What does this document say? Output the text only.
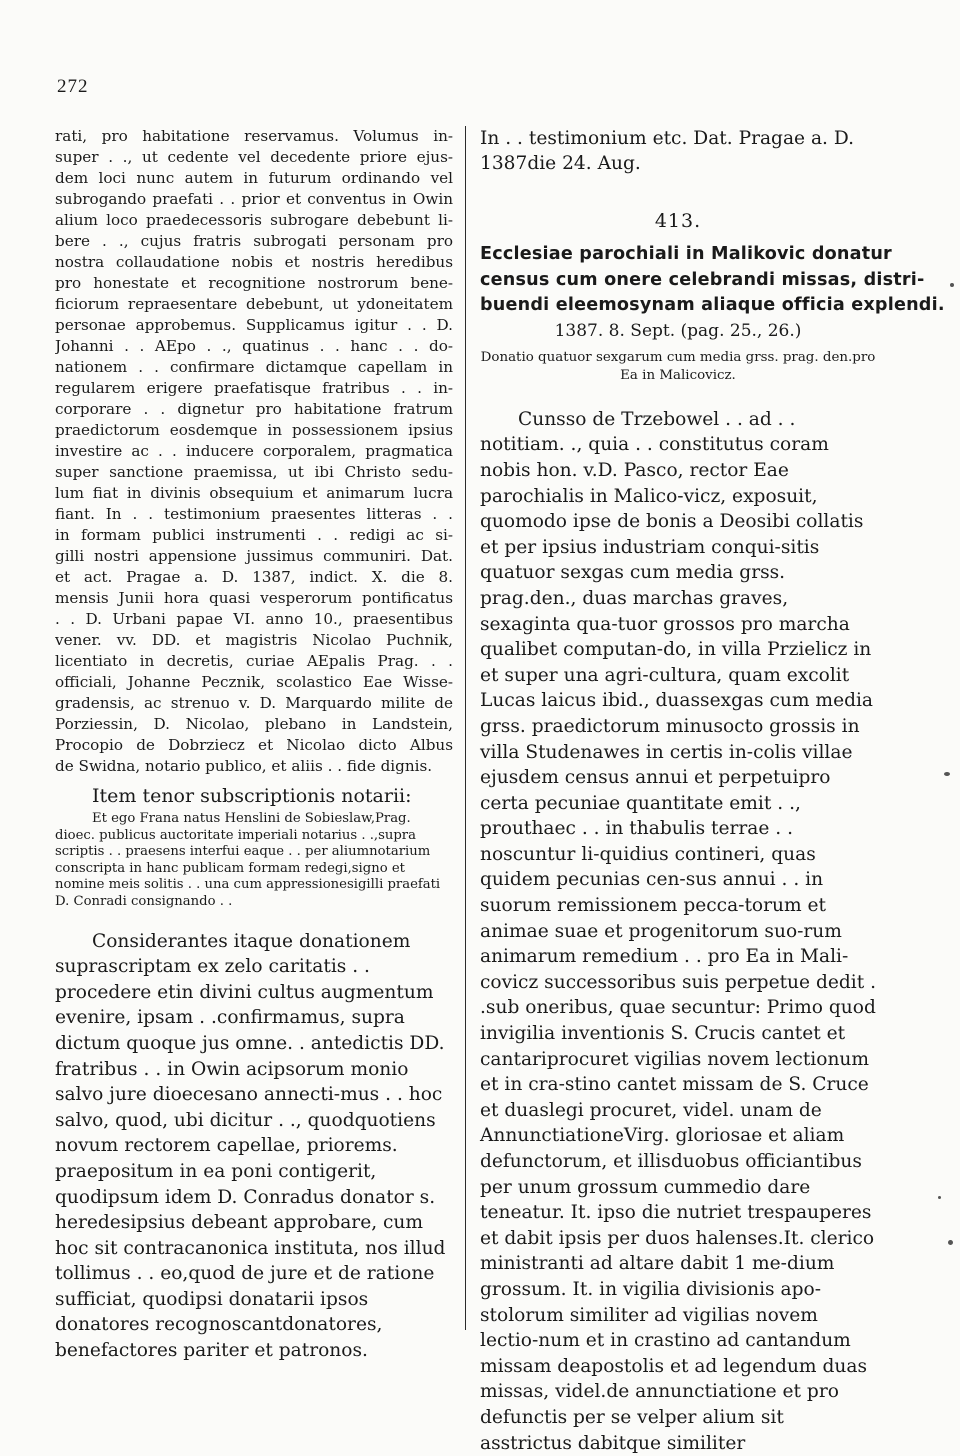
272
rati, pro habitatione reservamus. Volumus in-
super . ., ut cedente vel decedente priore ejus-
dem loci nunc autem in futurum ordinando vel
subrogando praefati . . prior et conventus in Owin
alium loco praedecessoris subrogare debebunt li-
bere . ., cujus fratris subrogati personam pro
nostra collaudatione nobis et nostris heredibus
pro honestate et recognitione nostrorum bene-
ficiorum repraesentare debebunt, ut ydoneitatem
personae approbemus. Supplicamus igitur . . D.
Johanni . . AEpo . ., quatinus . . hanc . . do-
nationem . . confirmare dictamque capellam in
regularem erigere praefatisque fratribus . . in-
corporare . . dignetur pro habitatione fratrum
praedictorum eosdemque in possessionem ipsius
investire ac . . inducere corporalem, pragmatica
super sanctione praemissa, ut ibi Christo sedu-
lum fiat in divinis obsequium et animarum lucra
fiant. In . . testimonium praesentes litteras . .
in formam publici instrumenti . . redigi ac si-
gilli nostri appensione jussimus communiri. Dat.
et act. Pragae a. D. 1387, indict. X. die 8.
mensis Junii hora quasi vesperorum pontificatus
. . D. Urbani papae VI. anno 10., praesentibus
vener. vv. DD. et magistris Nicolao Puchnik,
licentiato in decretis, curiae AEpalis Prag. . .
officiali, Johanne Pecznik, scolastico Eae Wisse-
gradensis, ac strenuo v. D. Marquardo milite de
Porziessin, D. Nicolao, plebano in Landstein,
Procopio de Dobrziecz et Nicolao dicto Albus
de Swidna, notario publico, et aliis . . fide dignis.
Item tenor subscriptionis notarii:
Et ego Frana natus Henslini de Sobieslaw,Prag. dioec. publicus auctoritate imperiali notarius . .,supra scriptis . . praesens interfui eaque . . per aliumnotarium conscripta in hanc publicam formam redegi,signo et nomine meis solitis . . una cum appressionesigilli praefati D. Conradi consignando . .
Considerantes itaque donationem suprascriptam ex zelo caritatis . . procedere etin divini cultus augmentum evenire, ipsam . .confirmamus, supra dictum quoque jus omne. . antedictis DD. fratribus . . in Owin acipsorum monio salvo jure dioecesano annecti-mus . . hoc salvo, quod, ubi dicitur . ., quodquotiens novum rectorem capellae, priorems. praepositum in ea poni contigerit, quodipsum idem D. Conradus donator s. heredesipsius debeant approbare, cum hoc sit contracanonica instituta, nos illud tollimus . . eo,quod de jure et de ratione sufficiat, quodipsi donatarii ipsos donatores recognoscantdonatores, benefactores pariter et patronos.
In . . testimonium etc. Dat. Pragae a. D. 1387die 24. Aug.
413.
Ecclesiae parochiali in Malikovic donatur
census cum onere celebrandi missas, distri-
buendi eleemosynam aliaque officia explendi.
1387. 8. Sept. (pag. 25., 26.)
Donatio quatuor sexgarum cum media grss. prag. den.pro Ea in Malicovicz.
Cunsso de Trzebowel . . ad . . notitiam. ., quia . . constitutus coram nobis hon. v.D. Pasco, rector Eae parochialis in Malico-vicz, exposuit, quomodo ipse de bonis a Deosibi collatis et per ipsius industriam conqui-sitis quatuor sexgas cum media grss. prag.den., duas marchas graves, sexaginta qua-tuor grossos pro marcha qualibet computan-do, in villa Przielicz in et super una agri-cultura, quam excolit Lucas laicus ibid., duassexgas cum media grss. praedictorum minusocto grossis in villa Studenawes in certis in-colis villae ejusdem census annui et perpetuipro certa pecuniae quantitate emit . ., prouthaec . . in thabulis terrae . . noscuntur li-quidius contineri, quas quidem pecunias cen-sus annui . . in suorum remissionem pecca-torum et animae suae et progenitorum suo-rum animarum remedium . . pro Ea in Mali-covicz successoribus suis perpetue dedit . .sub oneribus, quae secuntur: Primo quod invigilia inventionis S. Crucis cantet et cantariprocuret vigilias novem lectionum et in cra-stino cantet missam de S. Cruce et duaslegi procuret, videl. unam de AnnunctiationeVirg. gloriosae et aliam defunctorum, et illisduobus officiantibus per unum grossum cummedio dare teneatur. It. ipso die nutriet trespauperes et dabit ipsis per duos halenses.It. clerico ministranti ad altare dabit 1 me-dium grossum. It. in vigilia divisionis apo-stolorum similiter ad vigilias novem lectio-num et in crastino ad cantandum missam deapostolis et ad legendum duas missas, videl.de annunctiatione et pro defunctis per se velper alium sit asstrictus dabitque similiter
